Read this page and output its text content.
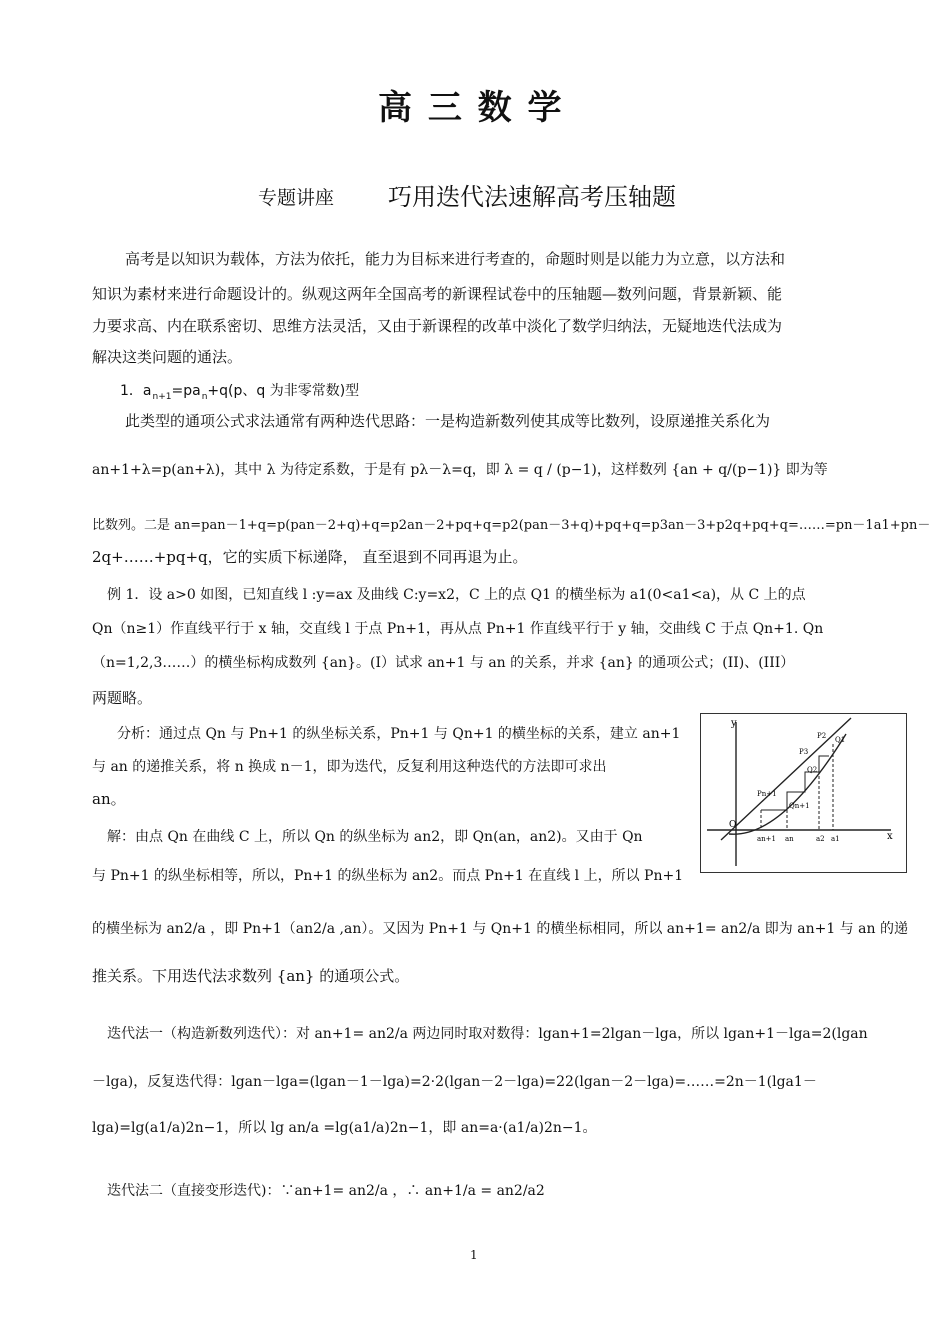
高 三 数 学
专题讲座 巧用迭代法速解高考压轴题
高考是以知识为载体，方法为依托，能力为目标来进行考查的，命题时则是以能力为立意，以方法和
知识为素材来进行命题设计的。纵观这两年全国高考的新课程试卷中的压轴题—数列问题，背景新颖、能
力要求高、内在联系密切、思维方法灵活，又由于新课程的改革中淡化了数学归纳法，无疑地迭代法成为
解决这类问题的通法。
1．$a_{n+1}=pa_n+q(p$、q 为非零常数)型
此类型的通项公式求法通常有两种迭代思路：一是构造新数列使其成等比数列，设原递推关系化为
an+1+λ=p(an+λ)，其中 λ 为待定系数，于是有 pλ－λ=q，即 λ = q / (p−1)，这样数列 {an + q/(p−1)} 即为等
比数列。二是 an=pan－1+q=p(pan－2+q)+q=p2an－2+pq+q=p2(pan－3+q)+pq+q=p3an－3+p2q+pq+q=……=pn－1a1+pn－
2q+……+pq+q，它的实质下标递降， 直至退到不同再退为止。
例 1．设 a>0 如图，已知直线 l :y=ax 及曲线 C:y=x2，C 上的点 Q1 的横坐标为 a1(0<a1<a)，从 C 上的点
Qn（n≥1）作直线平行于 x 轴，交直线 l 于点 Pn+1，再从点 Pn+1 作直线平行于 y 轴，交曲线 C 于点 Qn+1. Qn
（n=1,2,3……）的横坐标构成数列 {an}。(I）试求 an+1 与 an 的关系，并求 {an} 的通项公式；(II)、(III）
两题略。
分析：通过点 Qn 与 Pn+1 的纵坐标关系，Pn+1 与 Qn+1 的横坐标的关系，建立 an+1
与 an 的递推关系，将 n 换成 n－1，即为迭代，反复利用这种迭代的方法即可求出
an。
y
x
O
P3
P2 Q1
Q2
Pn+1
Qn+1
an+1 an	a2 a1
解：由点 Qn 在曲线 C 上，所以 Qn 的纵坐标为 an2，即 Qn(an，an2)。又由于 Qn
与 Pn+1 的纵坐标相等，所以，Pn+1 的纵坐标为 an2。而点 Pn+1 在直线 l 上，所以 Pn+1
的横坐标为 an2/a ，即 Pn+1（an2/a ,an）。又因为 Pn+1 与 Qn+1 的横坐标相同，所以 an+1= an2/a 即为 an+1 与 an 的递
推关系。下用迭代法求数列 {an} 的通项公式。
迭代法一（构造新数列迭代）：对 an+1= an2/a 两边同时取对数得：lgan+1=2lgan－lga，所以 lgan+1－lga=2(lgan
－lga)，反复迭代得：lgan－lga=(lgan－1－lga)=2·2(lgan－2－lga)=22(lgan－2－lga)=……=2n－1(lga1－
lga)=lg(a1/a)2n−1，所以 lg an/a =lg(a1/a)2n−1，即 an=a·(a1/a)2n−1。
迭代法二（直接变形迭代)：∵an+1= an2/a ，∴ an+1/a = an2/a2
1
